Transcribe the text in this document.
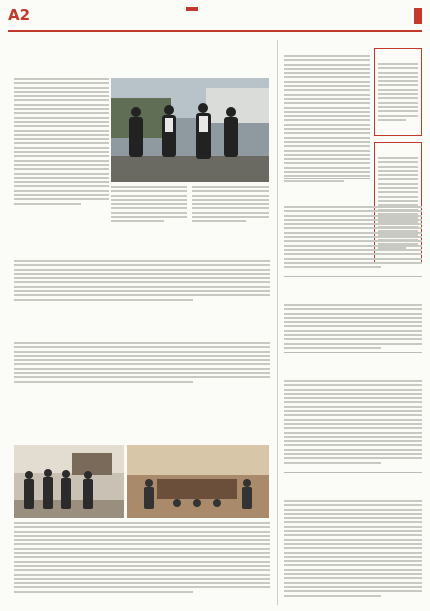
A2
